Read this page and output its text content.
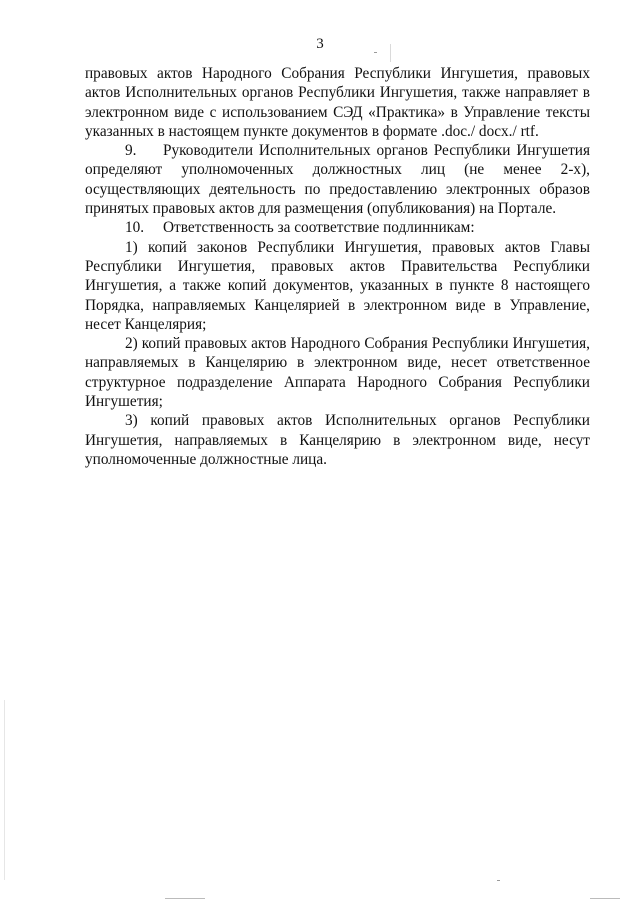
3

правовых актов Народного Собрания Республики Ингушетия, правовых актов Исполнительных органов Республики Ингушетия, также направляет в электронном виде с использованием СЭД «Практика» в Управление тексты указанных в настоящем пункте документов в формате .doc./ docx./ rtf.

9. Руководители Исполнительных органов Республики Ингушетия определяют уполномоченных должностных лиц (не менее 2-х), осуществляющих деятельность по предоставлению электронных образов принятых правовых актов для размещения (опубликования) на Портале.

10. Ответственность за соответствие подлинникам:

1) копий законов Республики Ингушетия, правовых актов Главы Республики Ингушетия, правовых актов Правительства Республики Ингушетия, а также копий документов, указанных в пункте 8 настоящего Порядка, направляемых Канцелярией в электронном виде в Управление, несет Канцелярия;

2) копий правовых актов Народного Собрания Республики Ингушетия, направляемых в Канцелярию в электронном виде, несет ответственное структурное подразделение Аппарата Народного Собрания Республики Ингушетия;

3) копий правовых актов Исполнительных органов Республики Ингушетия, направляемых в Канцелярию в электронном виде, несут уполномоченные должностные лица.
